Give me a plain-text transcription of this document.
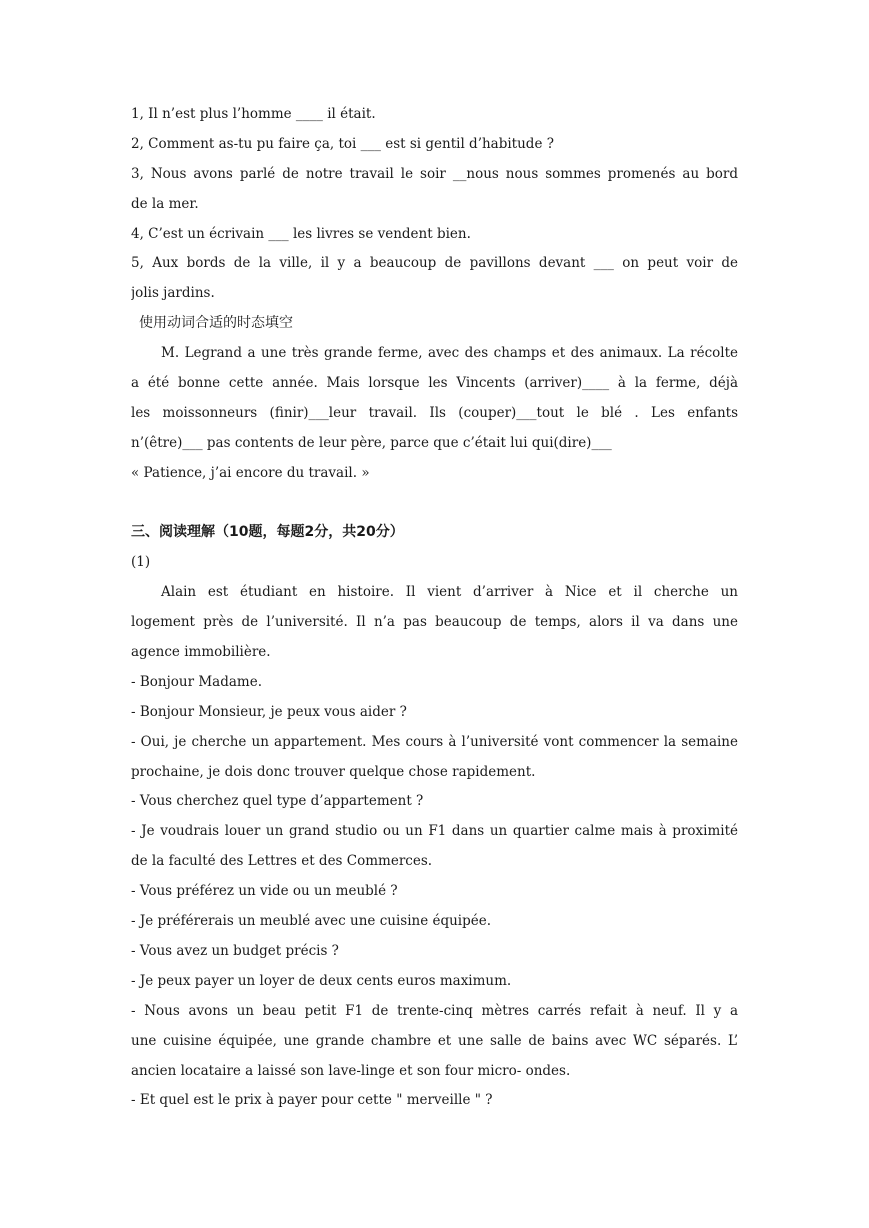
1, Il n’est plus l’homme ____ il était.
2, Comment as-tu pu faire ça, toi ___ est si gentil d’habitude ?
3, Nous avons parlé de notre travail le soir __nous nous sommes promenés au bord
de la mer.
4, C’est un écrivain ___ les livres se vendent bien.
5, Aux bords de la ville, il y a beaucoup de pavillons devant ___ on peut voir de
jolis jardins.
使用动词合适的时态填空
M. Legrand a une très grande ferme, avec des champs et des animaux. La récolte
a été bonne cette année. Mais lorsque les Vincents (arriver)____ à la ferme, déjà
les moissonneurs (finir)___leur travail. Ils (couper)___tout le blé . Les enfants
n’(être)___ pas contents de leur père, parce que c’était lui qui(dire)___
« Patience, j’ai encore du travail. »
三、阅读理解（10题，每题2分，共20分）
(1)
Alain est étudiant en histoire. Il vient d’arriver à Nice et il cherche un
logement près de l’université. Il n’a pas beaucoup de temps, alors il va dans une
agence immobilière.
- Bonjour Madame.
- Bonjour Monsieur, je peux vous aider ?
- Oui, je cherche un appartement. Mes cours à l’université vont commencer la semaine
prochaine, je dois donc trouver quelque chose rapidement.
- Vous cherchez quel type d’appartement ?
- Je voudrais louer un grand studio ou un F1 dans un quartier calme mais à proximité
de la faculté des Lettres et des Commerces.
- Vous préférez un vide ou un meublé ?
- Je préférerais un meublé avec une cuisine équipée.
- Vous avez un budget précis ?
- Je peux payer un loyer de deux cents euros maximum.
- Nous avons un beau petit F1 de trente-cinq mètres carrés refait à neuf. Il y a
une cuisine équipée, une grande chambre et une salle de bains avec WC séparés. L’
ancien locataire a laissé son lave-linge et son four micro- ondes.
- Et quel est le prix à payer pour cette " merveille " ?
